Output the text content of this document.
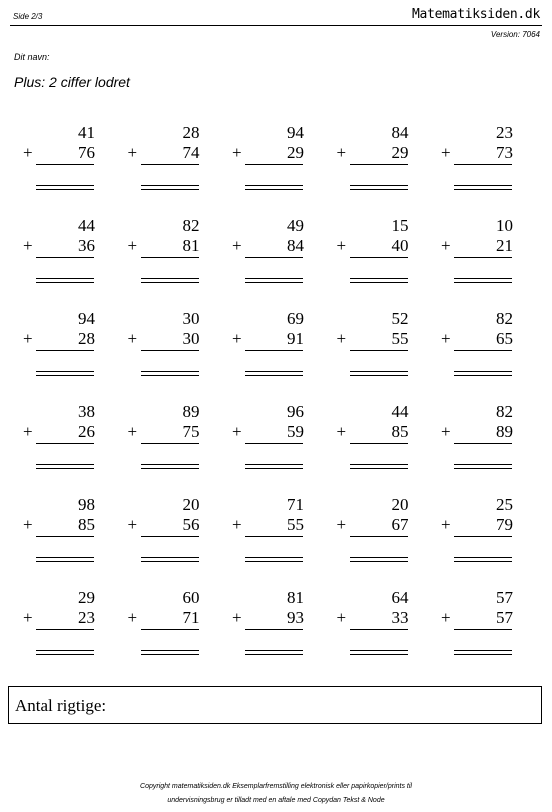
Side 2/3	Matematiksiden.dk
Version: 7064
Dit navn:
Plus: 2 ciffer lodret
41
+	76
28
+	74
94
+	29
84
+	29
23
+	73
44
+	36
82
+	81
49
+	84
15
+	40
10
+	21
94
+	28
30
+	30
69
+	91
52
+	55
82
+	65
38
+	26
89
+	75
96
+	59
44
+	85
82
+	89
98
+	85
20
+	56
71
+	55
20
+	67
25
+	79
29
+	23
60
+	71
81
+	93
64
+	33
57
+	57
Antal rigtige:
Copyright matematiksiden.dk Eksemplarfremstilling elektronisk eller papirkopier/prints til
undervisningsbrug er tilladt med en aftale med Copydan Tekst & Node
